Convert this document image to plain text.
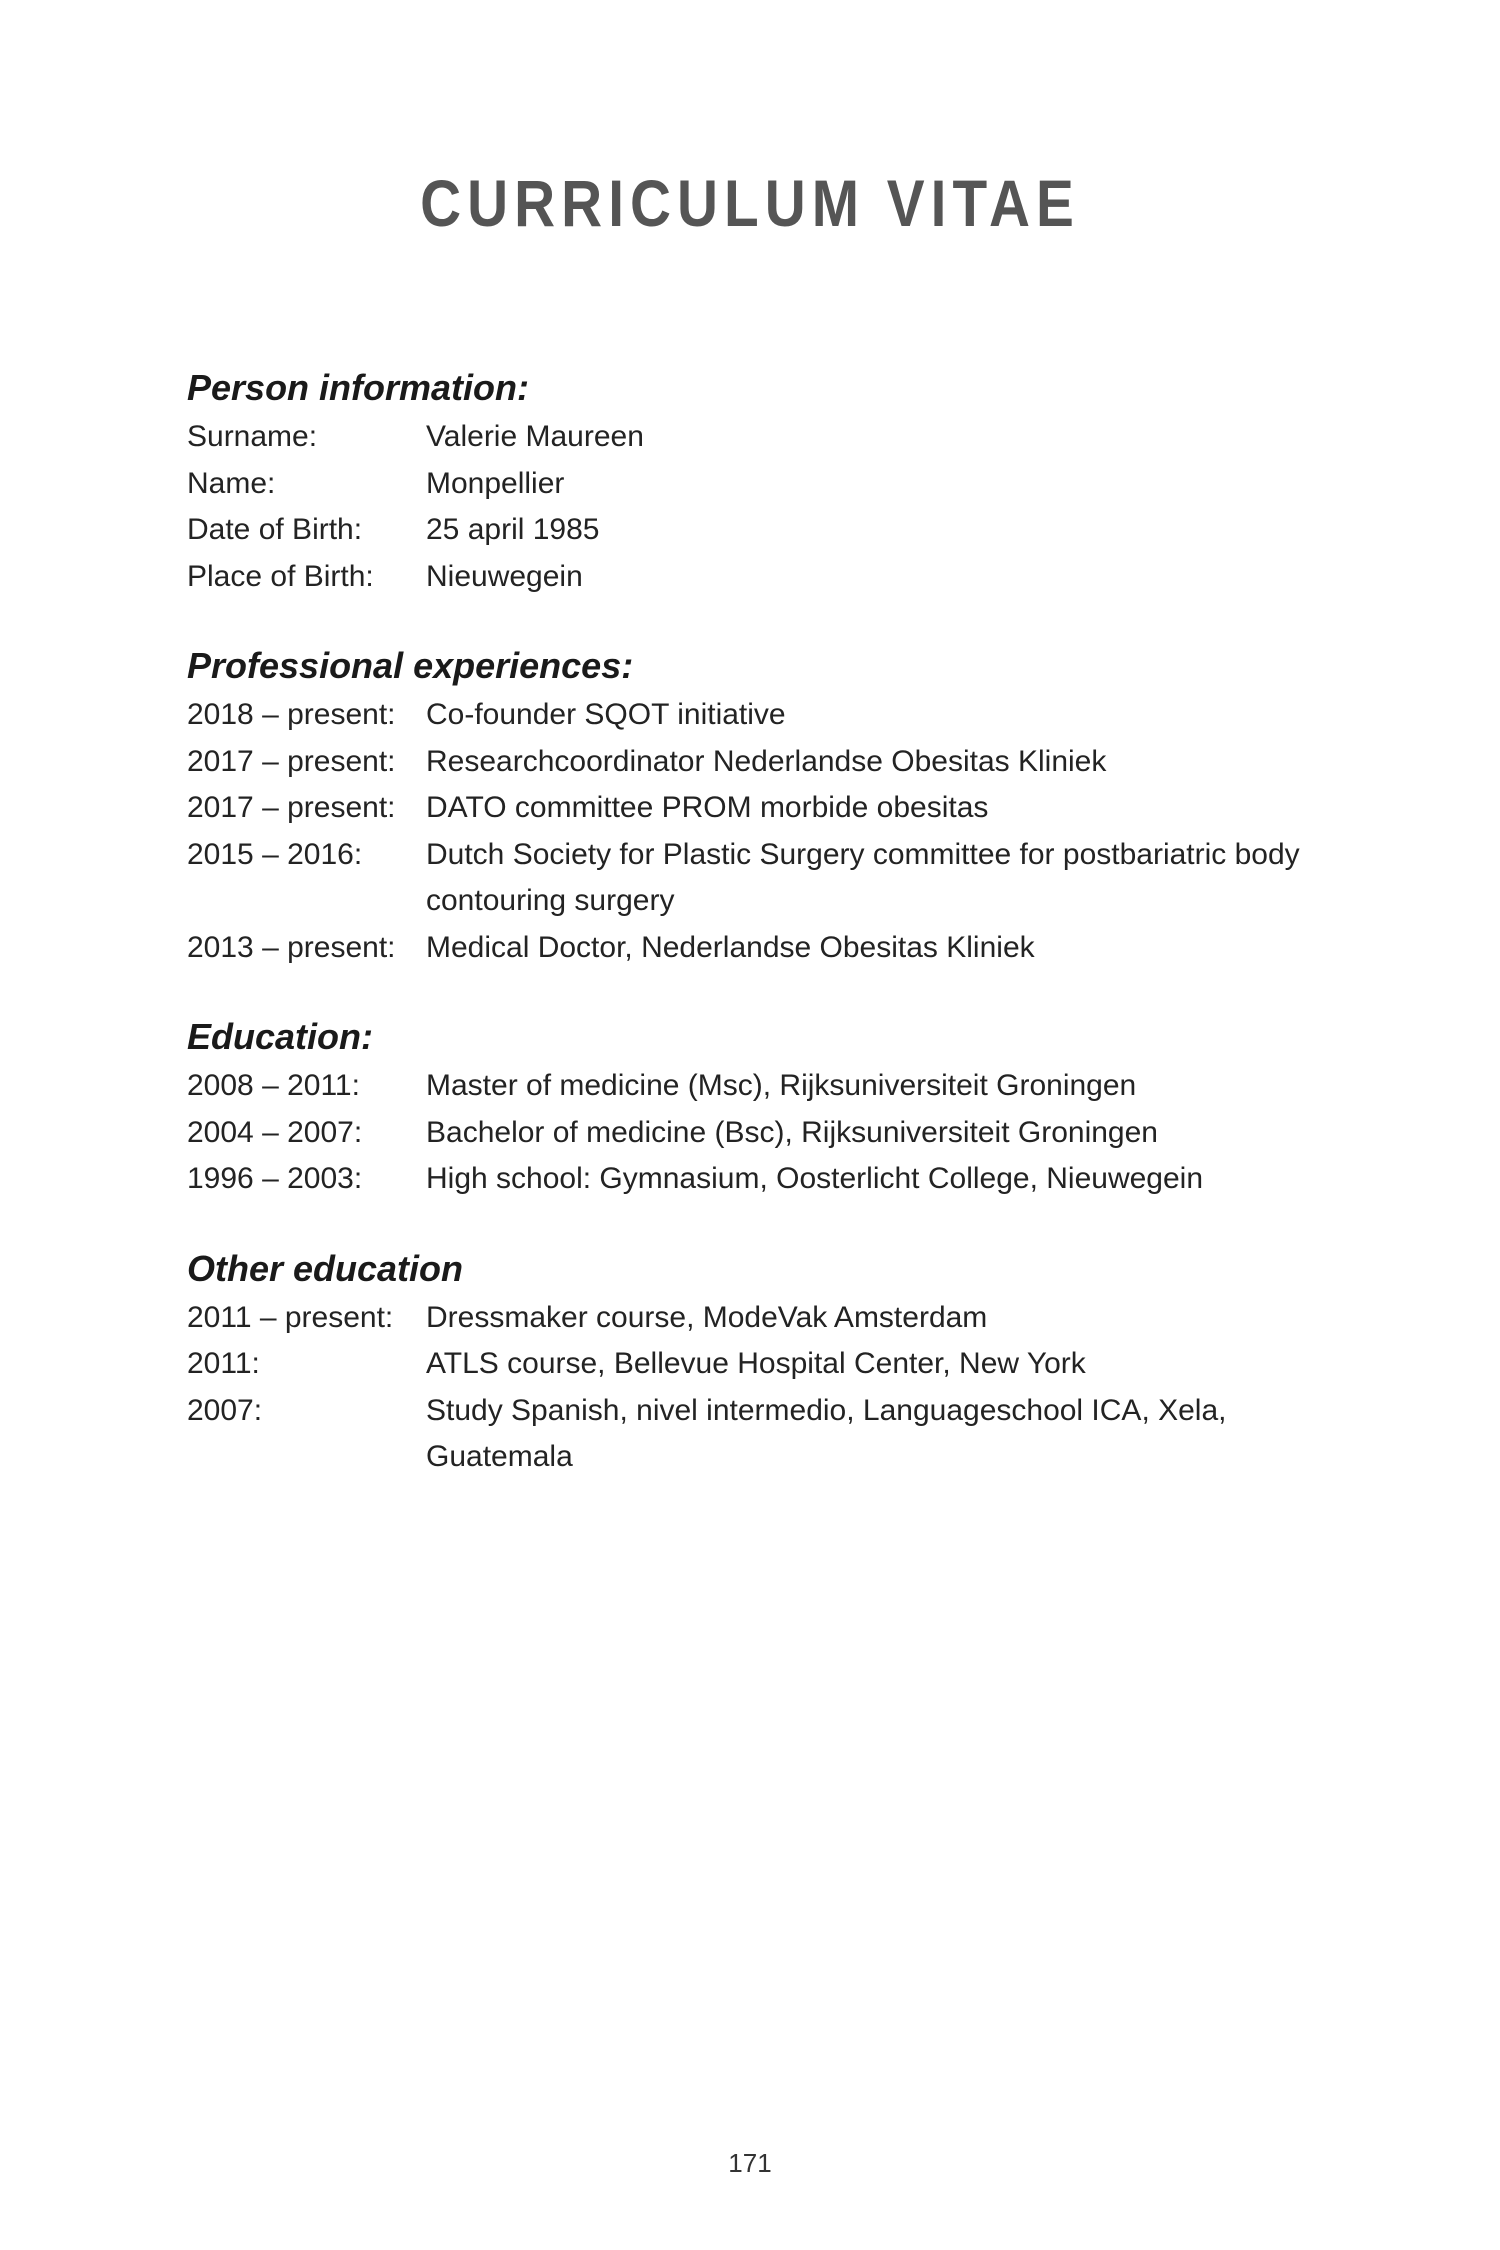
CURRICULUM VITAE
Person information:
Surname:	Valerie Maureen
Name:	Monpellier
Date of Birth:	25 april 1985
Place of Birth:	Nieuwegein
Professional experiences:
2018 – present:	Co-founder SQOT initiative
2017 – present:	Researchcoordinator Nederlandse Obesitas Kliniek
2017 – present:	DATO committee PROM morbide obesitas
2015 – 2016:	Dutch Society for Plastic Surgery committee for postbariatric body contouring surgery
2013 – present:	Medical Doctor, Nederlandse Obesitas Kliniek
Education:
2008 – 2011:	Master of medicine (Msc), Rijksuniversiteit Groningen
2004 – 2007:	Bachelor of medicine (Bsc), Rijksuniversiteit Groningen
1996 – 2003:	High school: Gymnasium, Oosterlicht College, Nieuwegein
Other education
2011 – present:	Dressmaker course, ModeVak Amsterdam
2011:	ATLS course, Bellevue Hospital Center, New York
2007:	Study Spanish, nivel intermedio, Languageschool ICA, Xela, Guatemala
171
